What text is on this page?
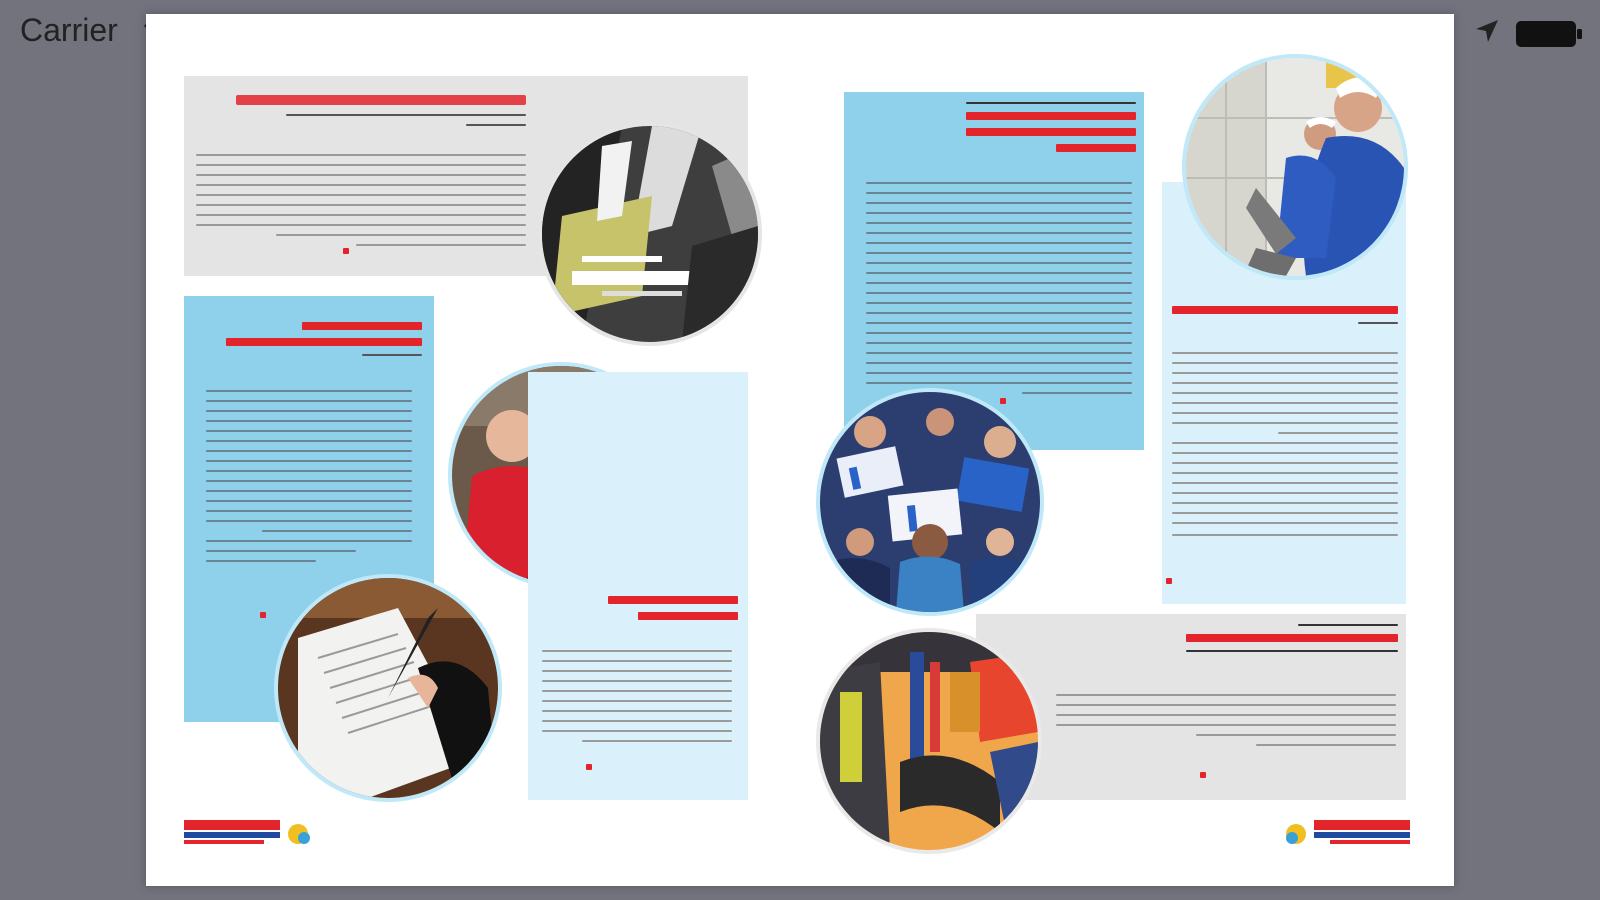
Carrier
